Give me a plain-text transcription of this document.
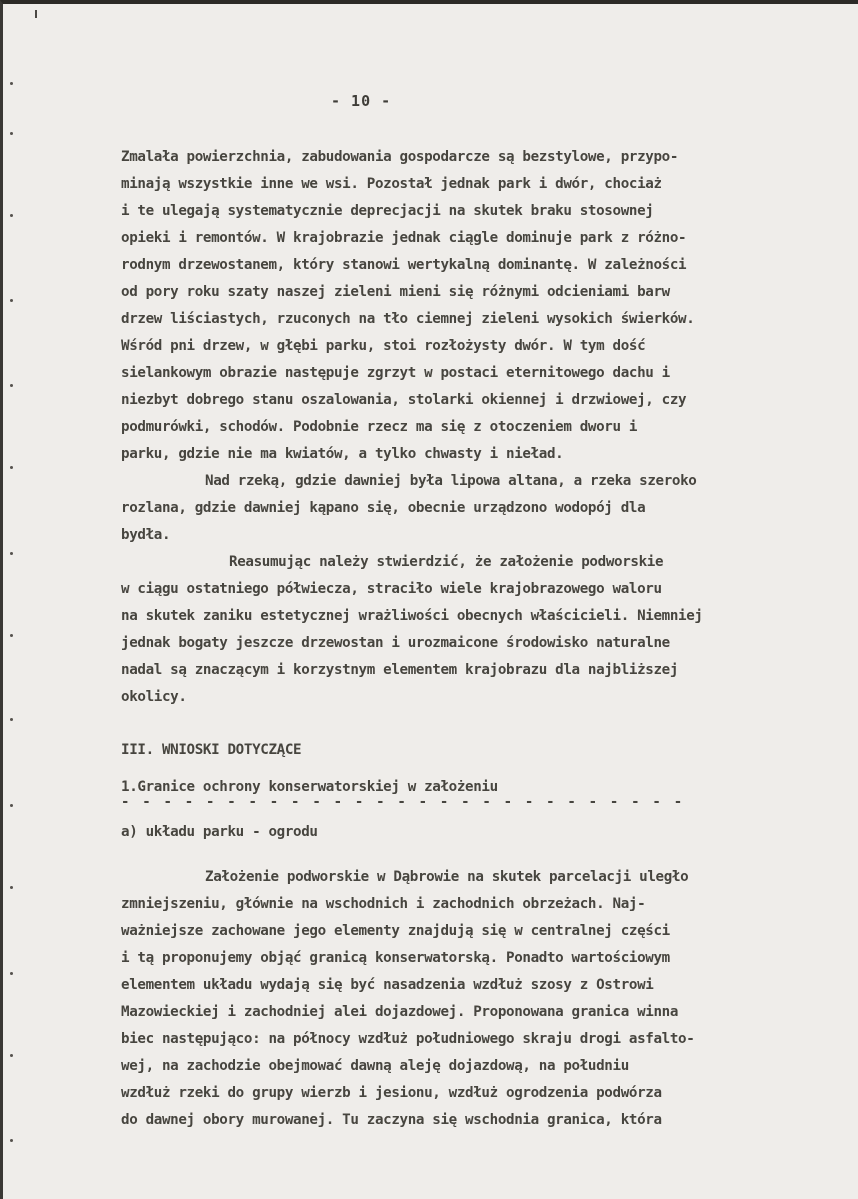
- 10 -
Zmalała powierzchnia, zabudowania gospodarcze są bezstylowe, przypo-
minają wszystkie inne we wsi. Pozostał jednak park i dwór, chociaż
i te ulegają systematycznie deprecjacji na skutek braku stosownej
opieki i remontów. W krajobrazie jednak ciągle dominuje park z różno-
rodnym drzewostanem, który stanowi wertykalną dominantę. W zależności
od pory roku szaty naszej zieleni mieni się różnymi odcieniami barw
drzew liściastych, rzuconych na tło ciemnej zieleni wysokich świerków.
Wśród pni drzew, w głębi parku, stoi rozłożysty dwór. W tym dość
sielankowym obrazie następuje zgrzyt w postaci eternitowego dachu i
niezbyt dobrego stanu oszalowania, stolarki okiennej i drzwiowej, czy
podmurówki, schodów. Podobnie rzecz ma się z otoczeniem dworu i
parku, gdzie nie ma kwiatów, a tylko chwasty i nieład.
Nad rzeką, gdzie dawniej była lipowa altana, a rzeka szeroko
rozlana, gdzie dawniej kąpano się, obecnie urządzono wodopój dla
bydła.
Reasumując należy stwierdzić, że założenie podworskie
w ciągu ostatniego półwiecza, straciło wiele krajobrazowego waloru
na skutek zaniku estetycznej wrażliwości obecnych właścicieli. Niemniej
jednak bogaty jeszcze drzewostan i urozmaicone środowisko naturalne
nadal są znaczącym i korzystnym elementem krajobrazu dla najbliższej
okolicy.
III. WNIOSKI DOTYCZĄCE
1.Granice ochrony konserwatorskiej w założeniu
- - - - - - - - - - - - - - - - - - - - - - - - - - -
a) układu parku - ogrodu
Założenie podworskie w Dąbrowie na skutek parcelacji uległo
zmniejszeniu, głównie na wschodnich i zachodnich obrzeżach. Naj-
ważniejsze zachowane jego elementy znajdują się w centralnej części
i tą proponujemy objąć granicą konserwatorską. Ponadto wartościowym
elementem układu wydają się być nasadzenia wzdłuż szosy z Ostrowi
Mazowieckiej i zachodniej alei dojazdowej. Proponowana granica winna
biec następująco: na północy wzdłuż południowego skraju drogi asfalto-
wej, na zachodzie obejmować dawną aleję dojazdową, na południu
wzdłuż rzeki do grupy wierzb i jesionu, wzdłuż ogrodzenia podwórza
do dawnej obory murowanej. Tu zaczyna się wschodnia granica, która
